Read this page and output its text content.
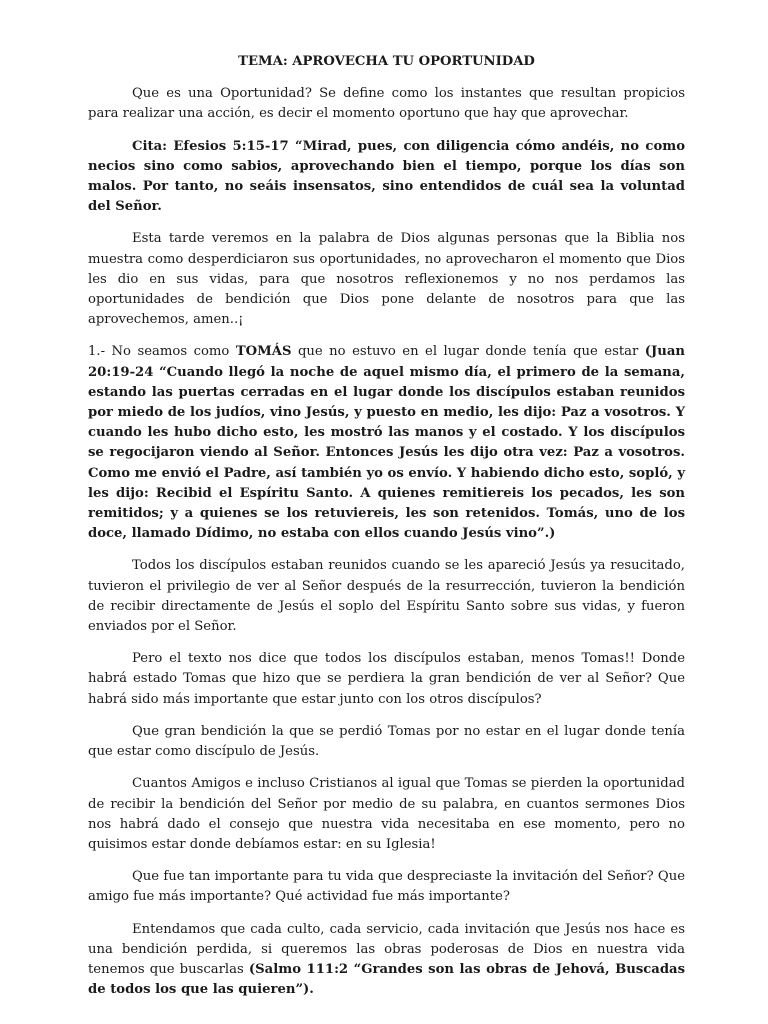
TEMA: APROVECHA TU OPORTUNIDAD

Que es una Oportunidad? Se define como los instantes que resultan propicios para realizar una acción, es decir el momento oportuno que hay que aprovechar.

Cita: Efesios 5:15-17 “Mirad, pues, con diligencia cómo andéis, no como necios sino como sabios, aprovechando bien el tiempo, porque los días son malos. Por tanto, no seáis insensatos, sino entendidos de cuál sea la voluntad del Señor.

Esta tarde veremos en la palabra de Dios algunas personas que la Biblia nos muestra como desperdiciaron sus oportunidades, no aprovecharon el momento que Dios les dio en sus vidas, para que nosotros reflexionemos y no nos perdamos las oportunidades de bendición que Dios pone delante de nosotros para que las aprovechemos, amen..¡

1.- No seamos como TOMÁS que no estuvo en el lugar donde tenía que estar (Juan 20:19-24 “Cuando llegó la noche de aquel mismo día, el primero de la semana, estando las puertas cerradas en el lugar donde los discípulos estaban reunidos por miedo de los judíos, vino Jesús, y puesto en medio, les dijo: Paz a vosotros. Y cuando les hubo dicho esto, les mostró las manos y el costado. Y los discípulos se regocijaron viendo al Señor. Entonces Jesús les dijo otra vez: Paz a vosotros. Como me envió el Padre, así también yo os envío. Y habiendo dicho esto, sopló, y les dijo: Recibid el Espíritu Santo. A quienes remitiereis los pecados, les son remitidos; y a quienes se los retuviereis, les son retenidos. Tomás, uno de los doce, llamado Dídimo, no estaba con ellos cuando Jesús vino”.)

Todos los discípulos estaban reunidos cuando se les apareció Jesús ya resucitado, tuvieron el privilegio de ver al Señor después de la resurrección, tuvieron la bendición de recibir directamente de Jesús el soplo del Espíritu Santo sobre sus vidas, y fueron enviados por el Señor.

Pero el texto nos dice que todos los discípulos estaban, menos Tomas!! Donde habrá estado Tomas que hizo que se perdiera la gran bendición de ver al Señor? Que habrá sido más importante que estar junto con los otros discípulos?

Que gran bendición la que se perdió Tomas por no estar en el lugar donde tenía que estar como discípulo de Jesús.

Cuantos Amigos e incluso Cristianos al igual que Tomas se pierden la oportunidad de recibir la bendición del Señor por medio de su palabra, en cuantos sermones Dios nos habrá dado el consejo que nuestra vida necesitaba en ese momento, pero no quisimos estar donde debíamos estar: en su Iglesia!

Que fue tan importante para tu vida que despreciaste la invitación del Señor? Que amigo fue más importante? Qué actividad fue más importante?

Entendamos que cada culto, cada servicio, cada invitación que Jesús nos hace es una bendición perdida, si queremos las obras poderosas de Dios en nuestra vida tenemos que buscarlas (Salmo 111:2 “Grandes son las obras de Jehová, Buscadas de todos los que las quieren”).
